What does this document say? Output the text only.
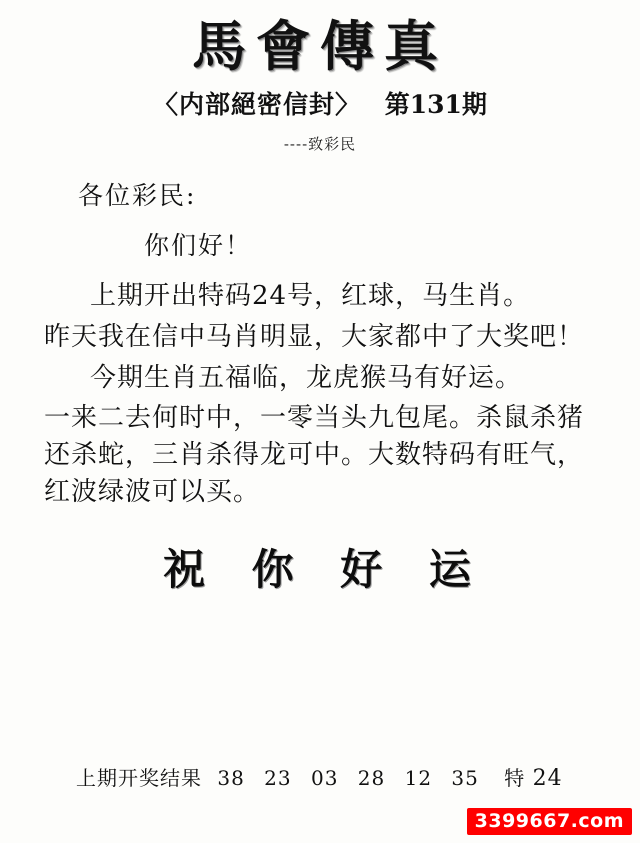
馬會傳真
〈内部絕密信封〉 第131期
----致彩民
各位彩民:
你们好！

上期开出特码24号，红球，马生肖。

昨天我在信中马肖明显，大家都中了大奖吧！

今期生肖五福临，龙虎猴马有好运。

一来二去何时中，一零当头九包尾。杀鼠杀猪还杀蛇，三肖杀得龙可中。大数特码有旺气，红波绿波可以买。

祝 你 好 运
上期开奖结果 38 23 03 28 12 35 特 24
3399667.com
